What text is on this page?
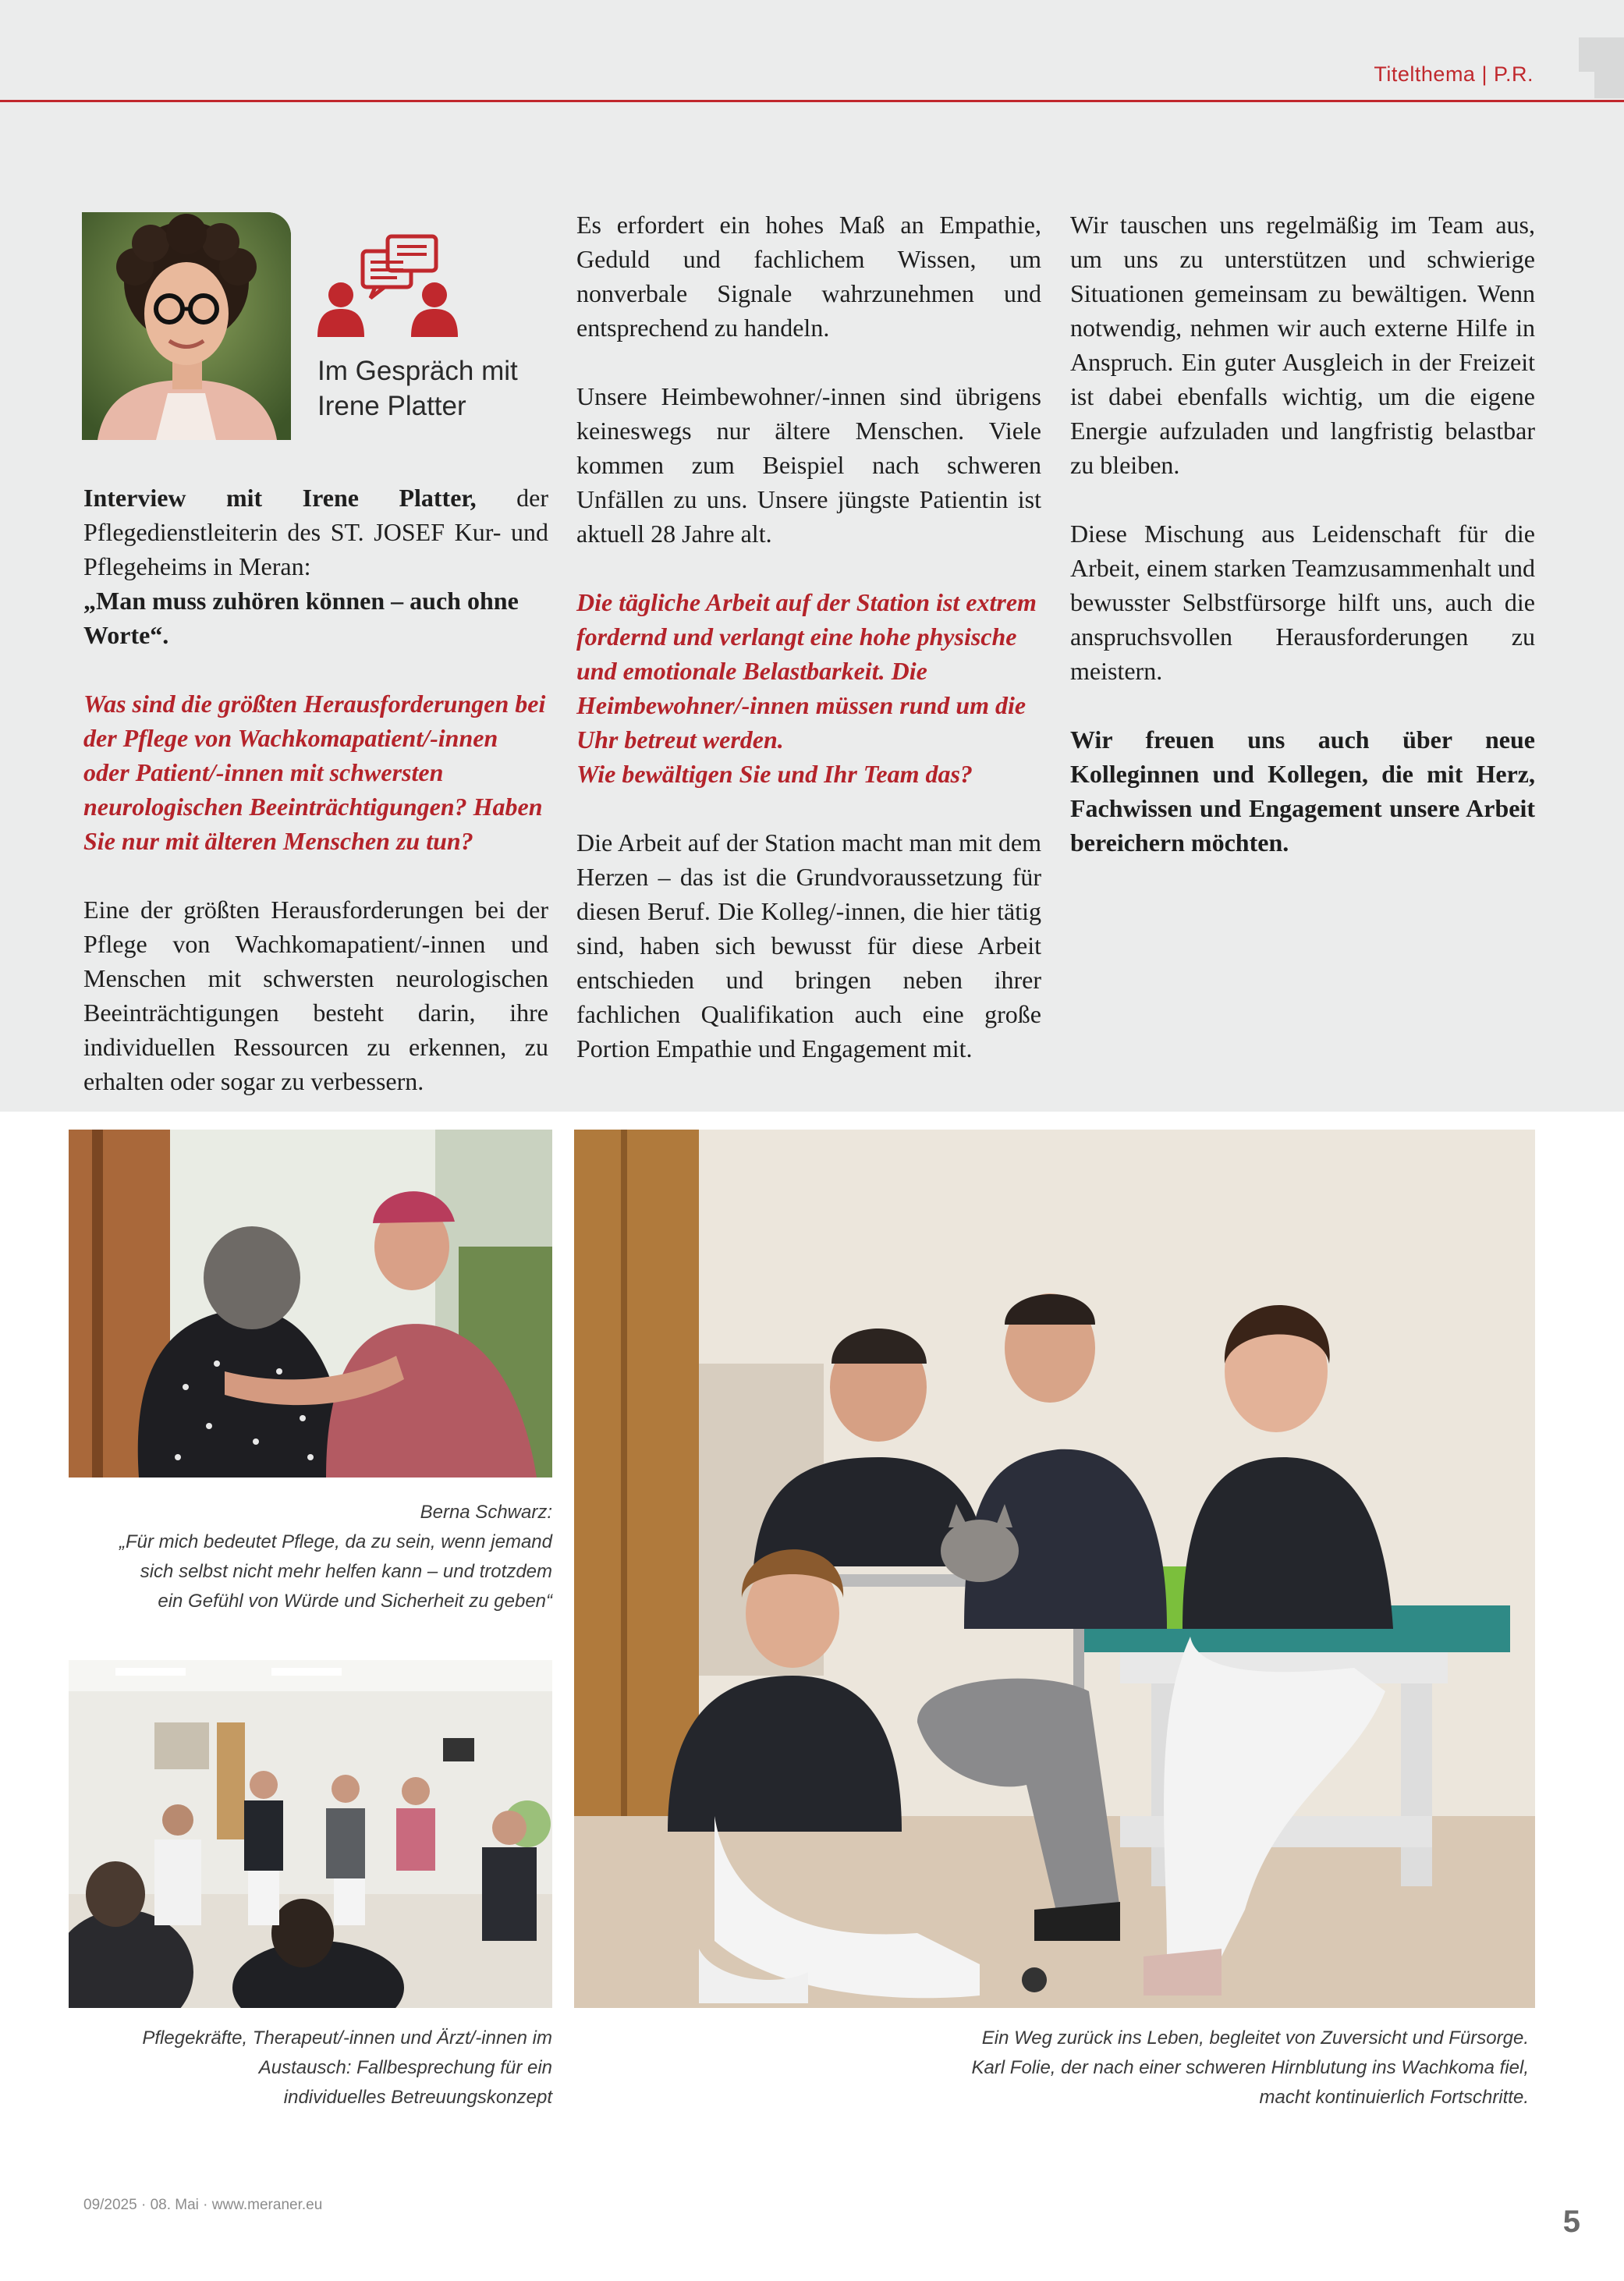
Titelthema | P.R.
Im Gespräch mit
Irene Platter

Interview mit Irene Platter, der Pflegedienstleiterin des ST. JOSEF Kur- und Pflegeheims in Meran:

„Man muss zuhören können – auch ohne Worte“.

Was sind die größten Herausforderungen bei der Pflege von Wachkomapatient/-innen oder Patient/-innen mit schwersten neurologischen Beeinträchtigungen? Haben Sie nur mit älteren Menschen zu tun?

Eine der größten Herausforderungen bei der Pflege von Wachkomapatient/-innen und Menschen mit schwersten neurologischen Beeinträchtigungen besteht darin, ihre individuellen Ressourcen zu erkennen, zu erhalten oder sogar zu verbessern.

Es erfordert ein hohes Maß an Empathie, Geduld und fachlichem Wissen, um nonverbale Signale wahrzunehmen und entsprechend zu handeln.

Unsere Heimbewohner/-innen sind übrigens keineswegs nur ältere Menschen. Viele kommen zum Beispiel nach schweren Unfällen zu uns. Unsere jüngste Patientin ist aktuell 28 Jahre alt.

Die tägliche Arbeit auf der Station ist extrem fordernd und verlangt eine hohe physische und emotionale Belastbarkeit. Die Heimbewohner/-innen müssen rund um die Uhr betreut werden.
Wie bewältigen Sie und Ihr Team das?

Die Arbeit auf der Station macht man mit dem Herzen – das ist die Grundvoraussetzung für diesen Beruf. Die Kolleg/-innen, die hier tätig sind, haben sich bewusst für diese Arbeit entschieden und bringen neben ihrer fachlichen Qualifikation auch eine große Portion Empathie und Engagement mit.

Wir tauschen uns regelmäßig im Team aus, um uns zu unterstützen und schwierige Situationen gemeinsam zu bewältigen. Wenn notwendig, nehmen wir auch externe Hilfe in Anspruch. Ein guter Ausgleich in der Freizeit ist dabei ebenfalls wichtig, um die eigene Energie aufzuladen und langfristig belastbar zu bleiben.

Diese Mischung aus Leidenschaft für die Arbeit, einem starken Teamzusammenhalt und bewusster Selbstfürsorge hilft uns, auch die anspruchsvollen Herausforderungen zu meistern.

Wir freuen uns auch über neue Kolleginnen und Kollegen, die mit Herz, Fachwissen und Engagement unsere Arbeit bereichern möchten.

Berna Schwarz:
„Für mich bedeutet Pflege, da zu sein, wenn jemand
sich selbst nicht mehr helfen kann – und trotzdem
ein Gefühl von Würde und Sicherheit zu geben“
Pflegekräfte, Therapeut/-innen und Ärzt/-innen im
Austausch: Fallbesprechung für ein
individuelles Betreuungskonzept
Ein Weg zurück ins Leben, begleitet von Zuversicht und Fürsorge.
Karl Folie, der nach einer schweren Hirnblutung ins Wachkoma fiel,
macht kontinuierlich Fortschritte.
09/2025 · 08. Mai · www.meraner.eu	5
